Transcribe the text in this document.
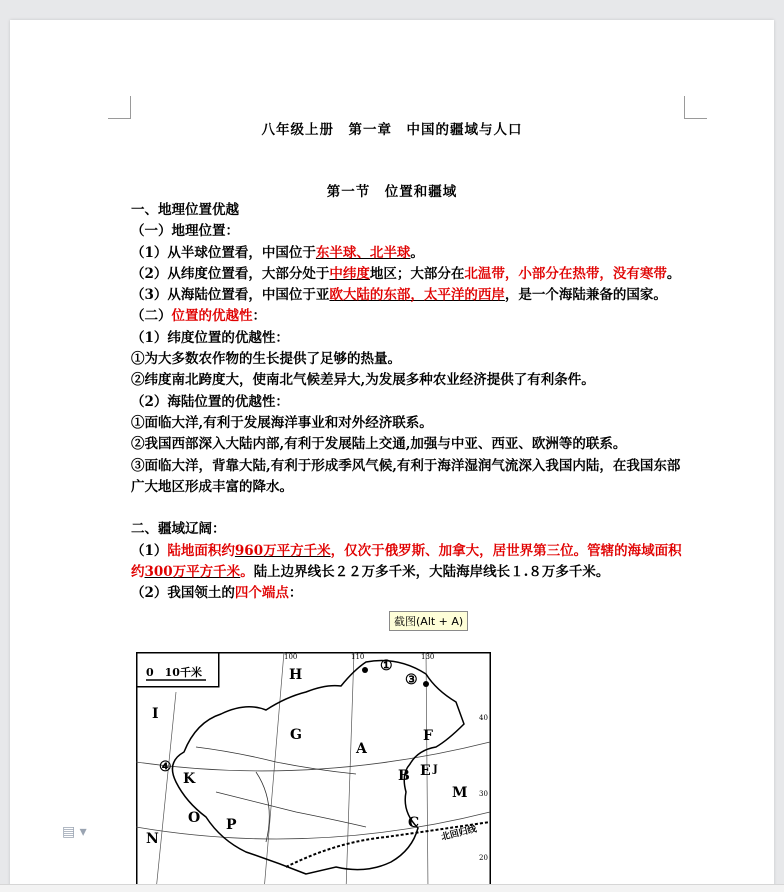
八年级上册　第一章　中国的疆域与人口
第一节　位置和疆域

一、地理位置优越

（一）地理位置：

（1）从半球位置看，中国位于东半球、北半球。

（2）从纬度位置看，大部分处于中纬度地区；大部分在北温带，小部分在热带，没有寒带。

（3）从海陆位置看，中国位于亚欧大陆的东部，太平洋的西岸，是一个海陆兼备的国家。

（二）位置的优越性：

（1）纬度位置的优越性：

①为大多数农作物的生长提供了足够的热量。

②纬度南北跨度大，使南北气候差异大,为发展多种农业经济提供了有利条件。

（2）海陆位置的优越性：

①面临大洋,有利于发展海洋事业和对外经济联系。

②我国西部深入大陆内部,有利于发展陆上交通,加强与中亚、西亚、欧洲等的联系。

③面临大洋，背靠大陆,有利于形成季风气候,有利于海洋湿润气流深入我国内陆，在我国东部广大地区形成丰富的降水。

二、疆域辽阔：

（1）陆地面积约960万平方千米，仅次于俄罗斯、加拿大，居世界第三位。管辖的海域面积约300万平方千米。陆上边界线长２２万多千米，大陆海岸线长１.８万多千米。

（2）我国领土的四个端点：

截图(Alt + A)
0　10千米
100	110	130
40
30
20
北回归线
H
I
G
A
F
B E
K
M
N
O P	C
J
①
③
④
▤ ▾
